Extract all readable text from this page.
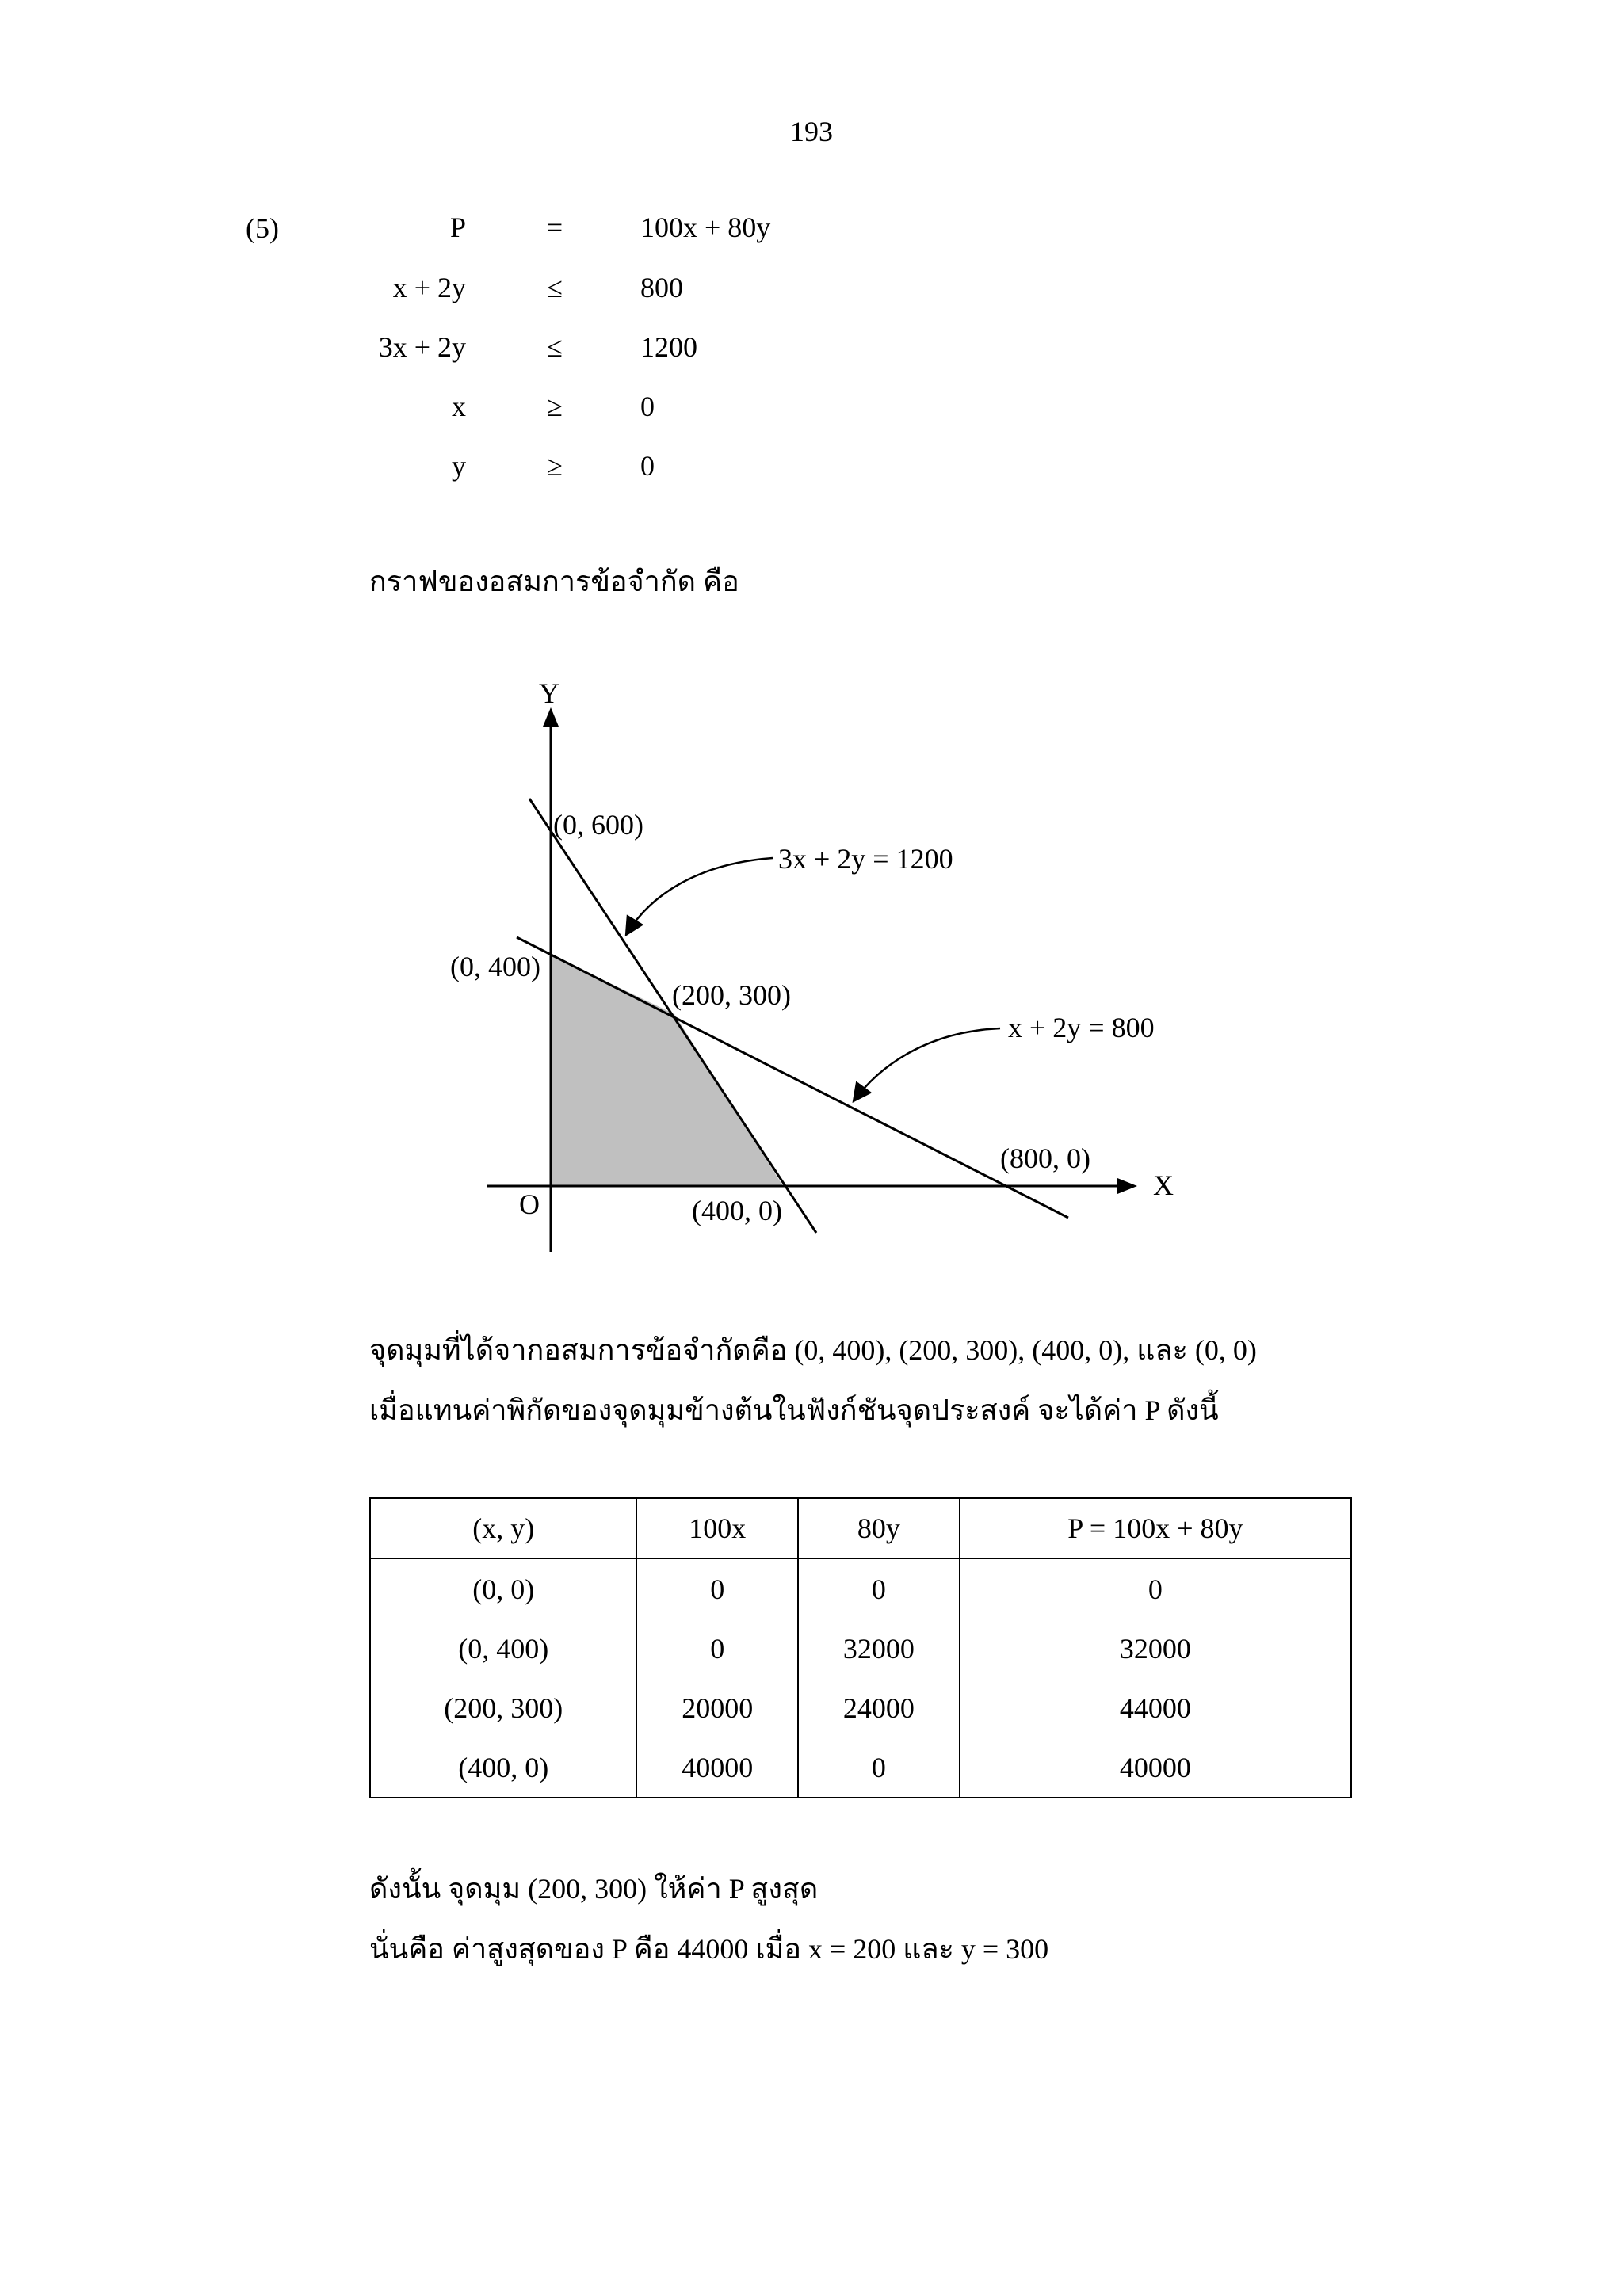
193
(5)	P	=	100x + 80y
x + 2y	≤	800
3x + 2y	≤	1200
x	≥	0
y	≥	0
กราฟของอสมการข้อจำกัด คือ
Y
X
O
(0, 600)
(0, 400)
(200, 300)
(800, 0)
(400, 0)
3x + 2y = 1200
x + 2y = 800
จุดมุมที่ได้จากอสมการข้อจำกัดคือ (0, 400), (200, 300), (400, 0), และ (0, 0)
เมื่อแทนค่าพิกัดของจุดมุมข้างต้นในฟังก์ชันจุดประสงค์ จะได้ค่า P ดังนี้
(x, y)	100x	80y	P = 100x + 80y
(0, 0)	0	0	0
(0, 400)	0	32000	32000
(200, 300)	20000	24000	44000
(400, 0)	40000	0	40000
ดังนั้น จุดมุม (200, 300) ให้ค่า P สูงสุด
นั่นคือ ค่าสูงสุดของ P คือ 44000 เมื่อ x = 200 และ y = 300
